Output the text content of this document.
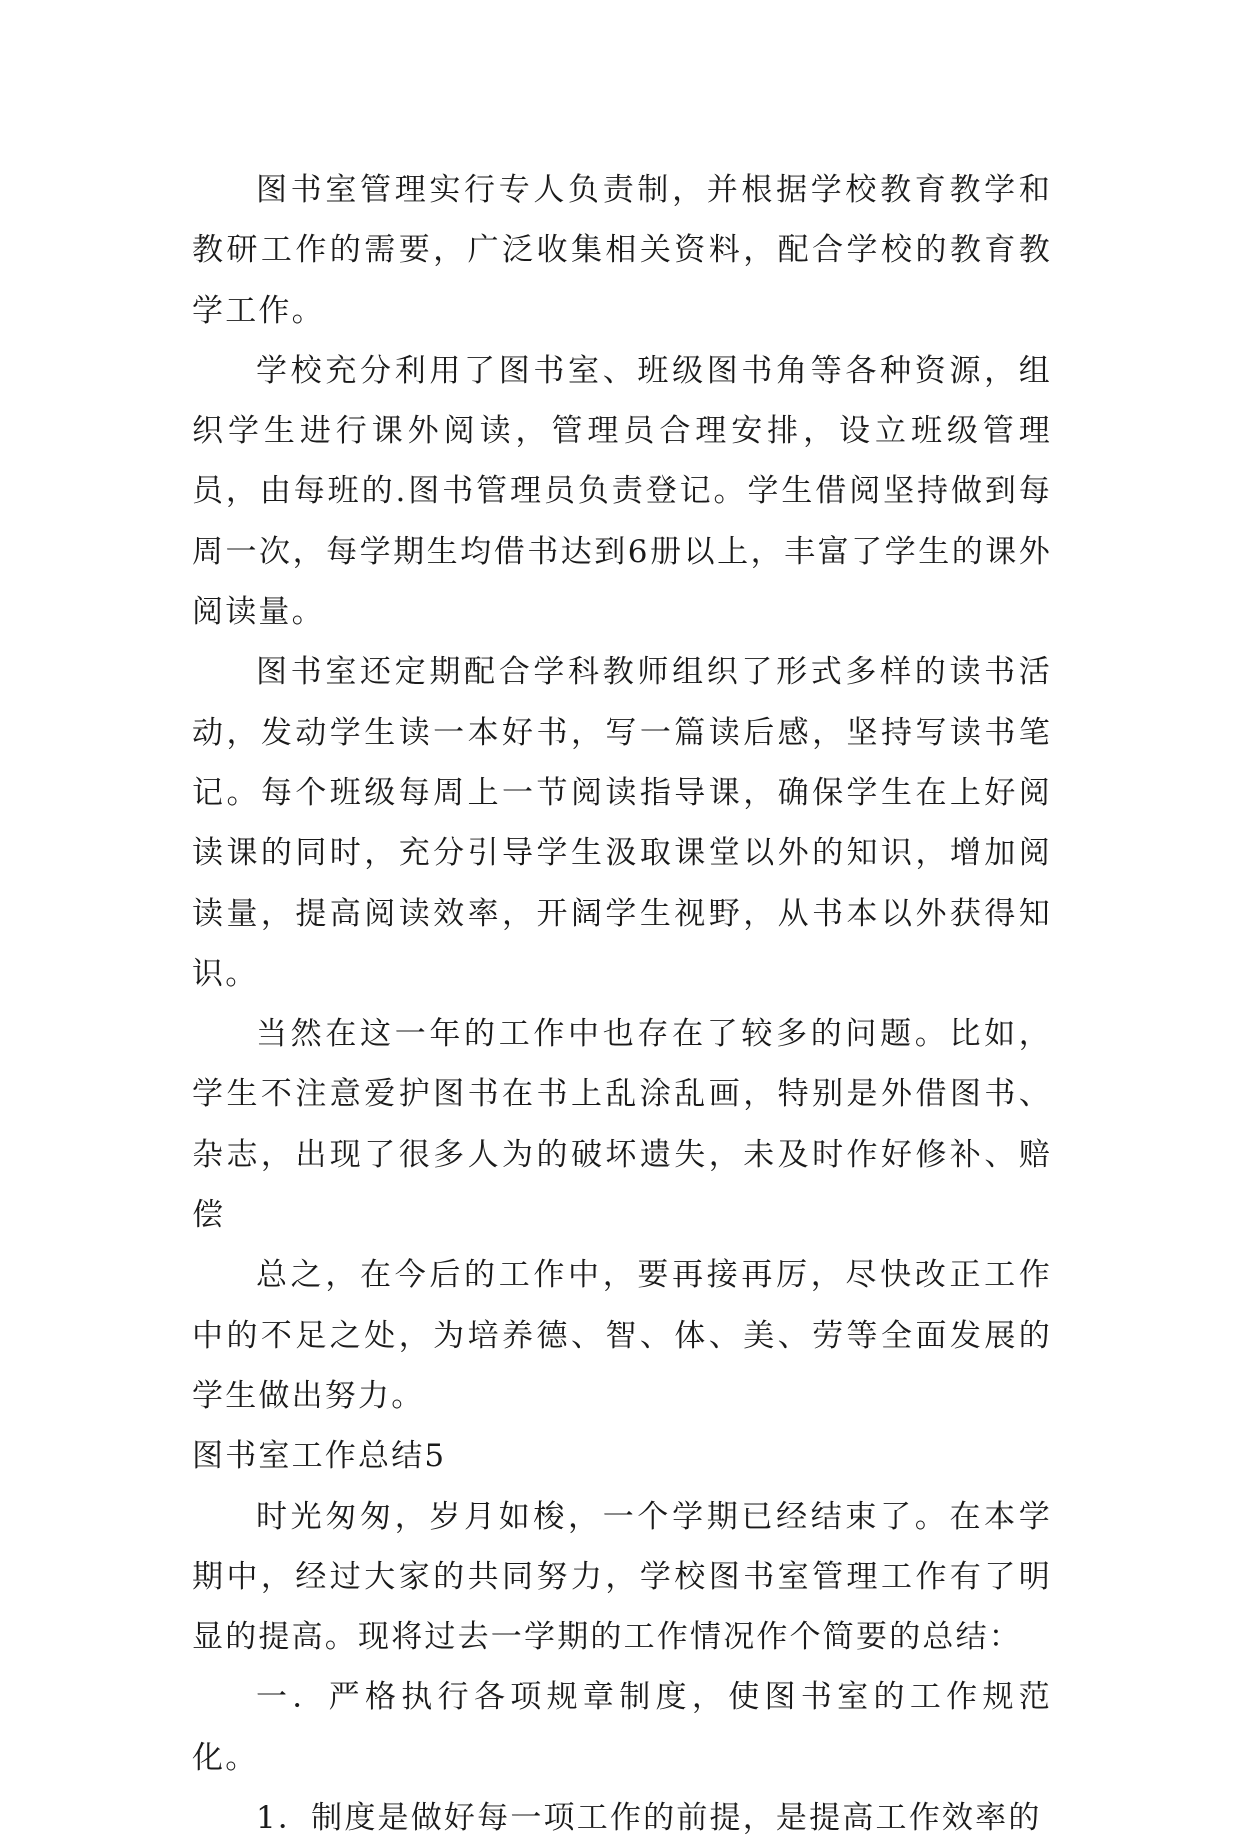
图书室管理实行专人负责制，并根据学校教育教学和教研工作的需要，广泛收集相关资料，配合学校的教育教学工作。

学校充分利用了图书室、班级图书角等各种资源，组织学生进行课外阅读，管理员合理安排，设立班级管理员，由每班的.图书管理员负责登记。学生借阅坚持做到每周一次，每学期生均借书达到6册以上，丰富了学生的课外阅读量。

图书室还定期配合学科教师组织了形式多样的读书活动，发动学生读一本好书，写一篇读后感，坚持写读书笔记。每个班级每周上一节阅读指导课，确保学生在上好阅读课的同时，充分引导学生汲取课堂以外的知识，增加阅读量，提高阅读效率，开阔学生视野，从书本以外获得知识。

当然在这一年的工作中也存在了较多的问题。比如，学生不注意爱护图书在书上乱涂乱画，特别是外借图书、杂志，出现了很多人为的破坏遗失，未及时作好修补、赔偿

总之，在今后的工作中，要再接再厉，尽快改正工作中的不足之处，为培养德、智、体、美、劳等全面发展的学生做出努力。

图书室工作总结5

时光匆匆，岁月如梭，一个学期已经结束了。在本学期中，经过大家的共同努力，学校图书室管理工作有了明显的提高。现将过去一学期的工作情况作个简要的总结：

一．严格执行各项规章制度，使图书室的工作规范化。

1．制度是做好每一项工作的前提，是提高工作效率的
